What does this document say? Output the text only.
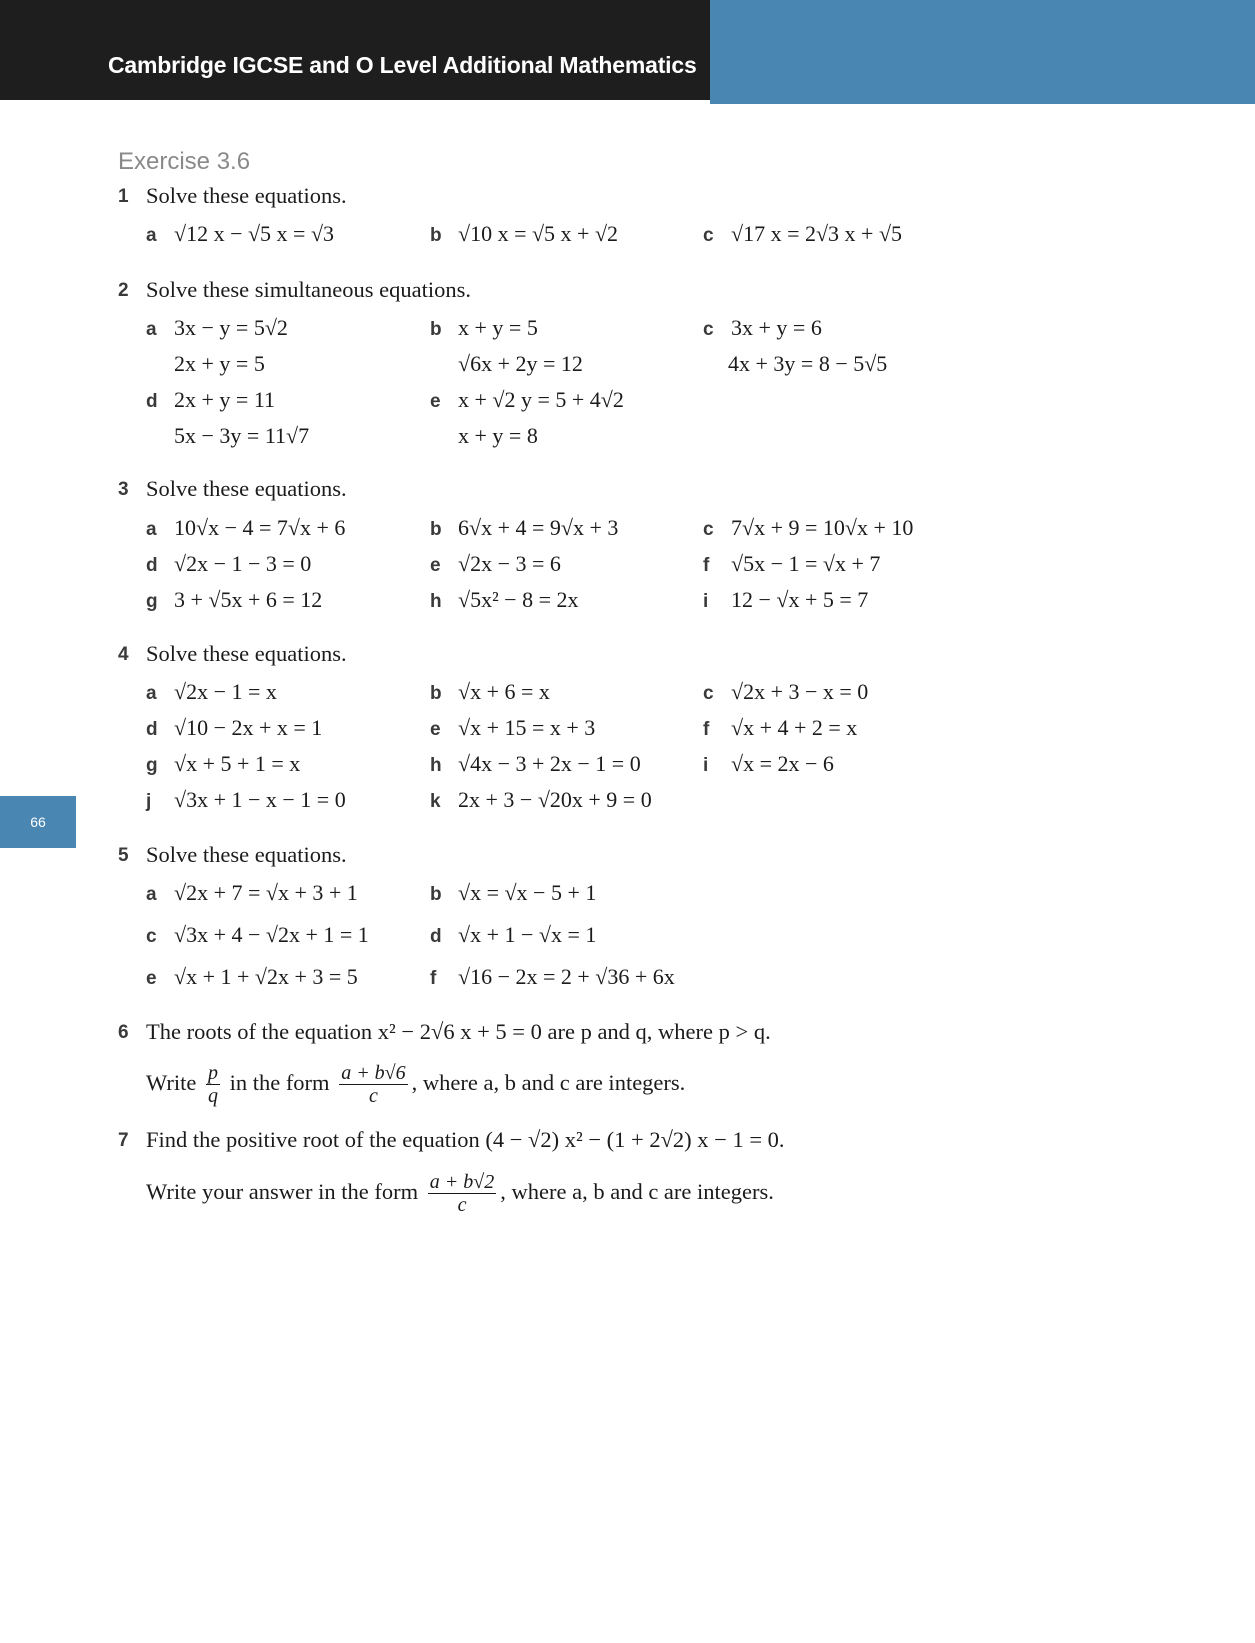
Cambridge IGCSE and O Level Additional Mathematics
66
Exercise 3.6
1 Solve these equations.
a √12 x − √5 x = √3	b √10 x = √5 x + √2	c √17 x = 2√3 x + √5
2 Solve these simultaneous equations.
a 3x − y = 5√2
2x + y = 5
b x + y = 5
√6x + 2y = 12
c 3x + y = 6
4x + 3y = 8 − 5√5
d 2x + y = 11
5x − 3y = 11√7
e x + √2 y = 5 + 4√2
x + y = 8
3 Solve these equations.
a 10√x − 4 = 7√x + 6	b 6√x + 4 = 9√x + 3	c 7√x + 9 = 10√x + 10
d √2x − 1 − 3 = 0	e √2x − 3 = 6	f √5x − 1 = √x + 7
g 3 + √5x + 6 = 12	h √5x² − 8 = 2x	i 12 − √x + 5 = 7
4 Solve these equations.
a √2x − 1 = x	b √x + 6 = x	c √2x + 3 − x = 0
d √10 − 2x + x = 1	e √x + 15 = x + 3	f √x + 4 + 2 = x
g √x + 5 + 1 = x	h √4x − 3 + 2x − 1 = 0	i √x = 2x − 6
j √3x + 1 − x − 1 = 0	k 2x + 3 − √20x + 9 = 0
5 Solve these equations.
a √2x + 7 = √x + 3 + 1	b √x = √x − 5 + 1
c √3x + 4 − √2x + 1 = 1	d √x + 1 − √x = 1
e √x + 1 + √2x + 3 = 5	f √16 − 2x = 2 + √36 + 6x
6 The roots of the equation x² − 2√6 x + 5 = 0 are p and q, where p > q.
Write $\frac{p}{q}$ in the form $\frac{a + b√6}{c}$ , where a, b and c are integers.
7 Find the positive root of the equation (4 − √2) x² − (1 + 2√2) x − 1 = 0.
Write your answer in the form $\frac{a + b√2}{c}$ , where a, b and c are integers.
